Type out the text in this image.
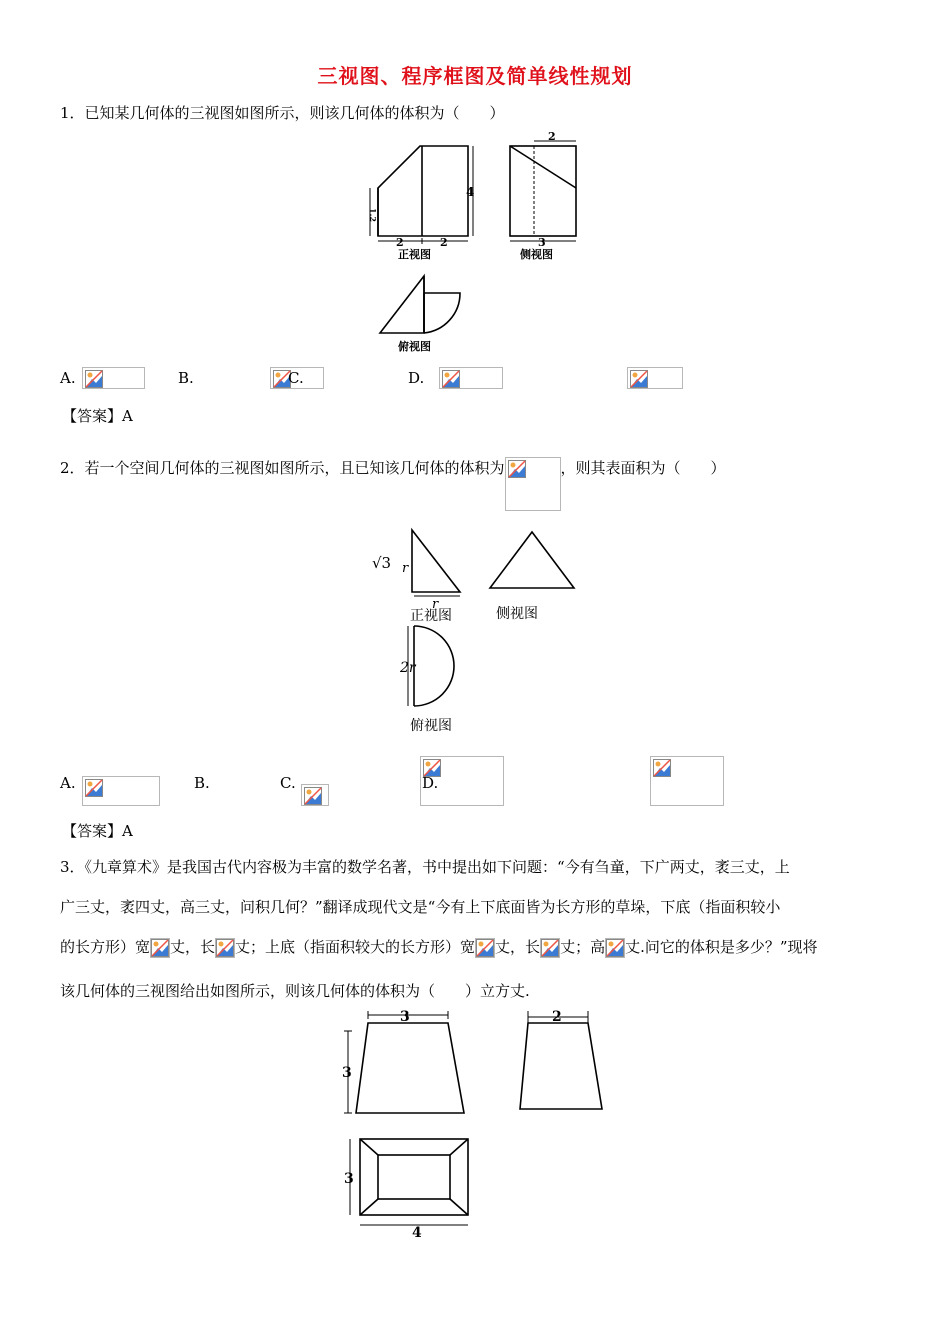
三视图、程序框图及简单线性规划
1．已知某几何体的三视图如图所示，则该几何体的体积为（　　）
2	2
4
1.2
正视图
2
3
侧视图
俯视图
A.
	B.
	C.
	D.
【答案】A
2．若一个空间几何体的三视图如图所示，且已知该几何体的体积为	，则其表面积为（　　）
√3 r
r
正视图	侧视图
2r
俯视图
A.
	B.
	C.
	D.
【答案】A
3．《九章算术》是我国古代内容极为丰富的数学名著，书中提出如下问题：“今有刍童，下广两丈，袤三丈，上
广三丈，袤四丈，高三丈，问积几何？”翻译成现代文是“今有上下底面皆为长方形的草垛，下底（指面积较小
的长方形）宽 丈，长 丈；上底（指面积较大的长方形）宽 丈，长 丈；高 丈.问它的体积是多少？”现将
该几何体的三视图给出如图所示，则该几何体的体积为（　　）立方丈.
3
3
2
3
4
